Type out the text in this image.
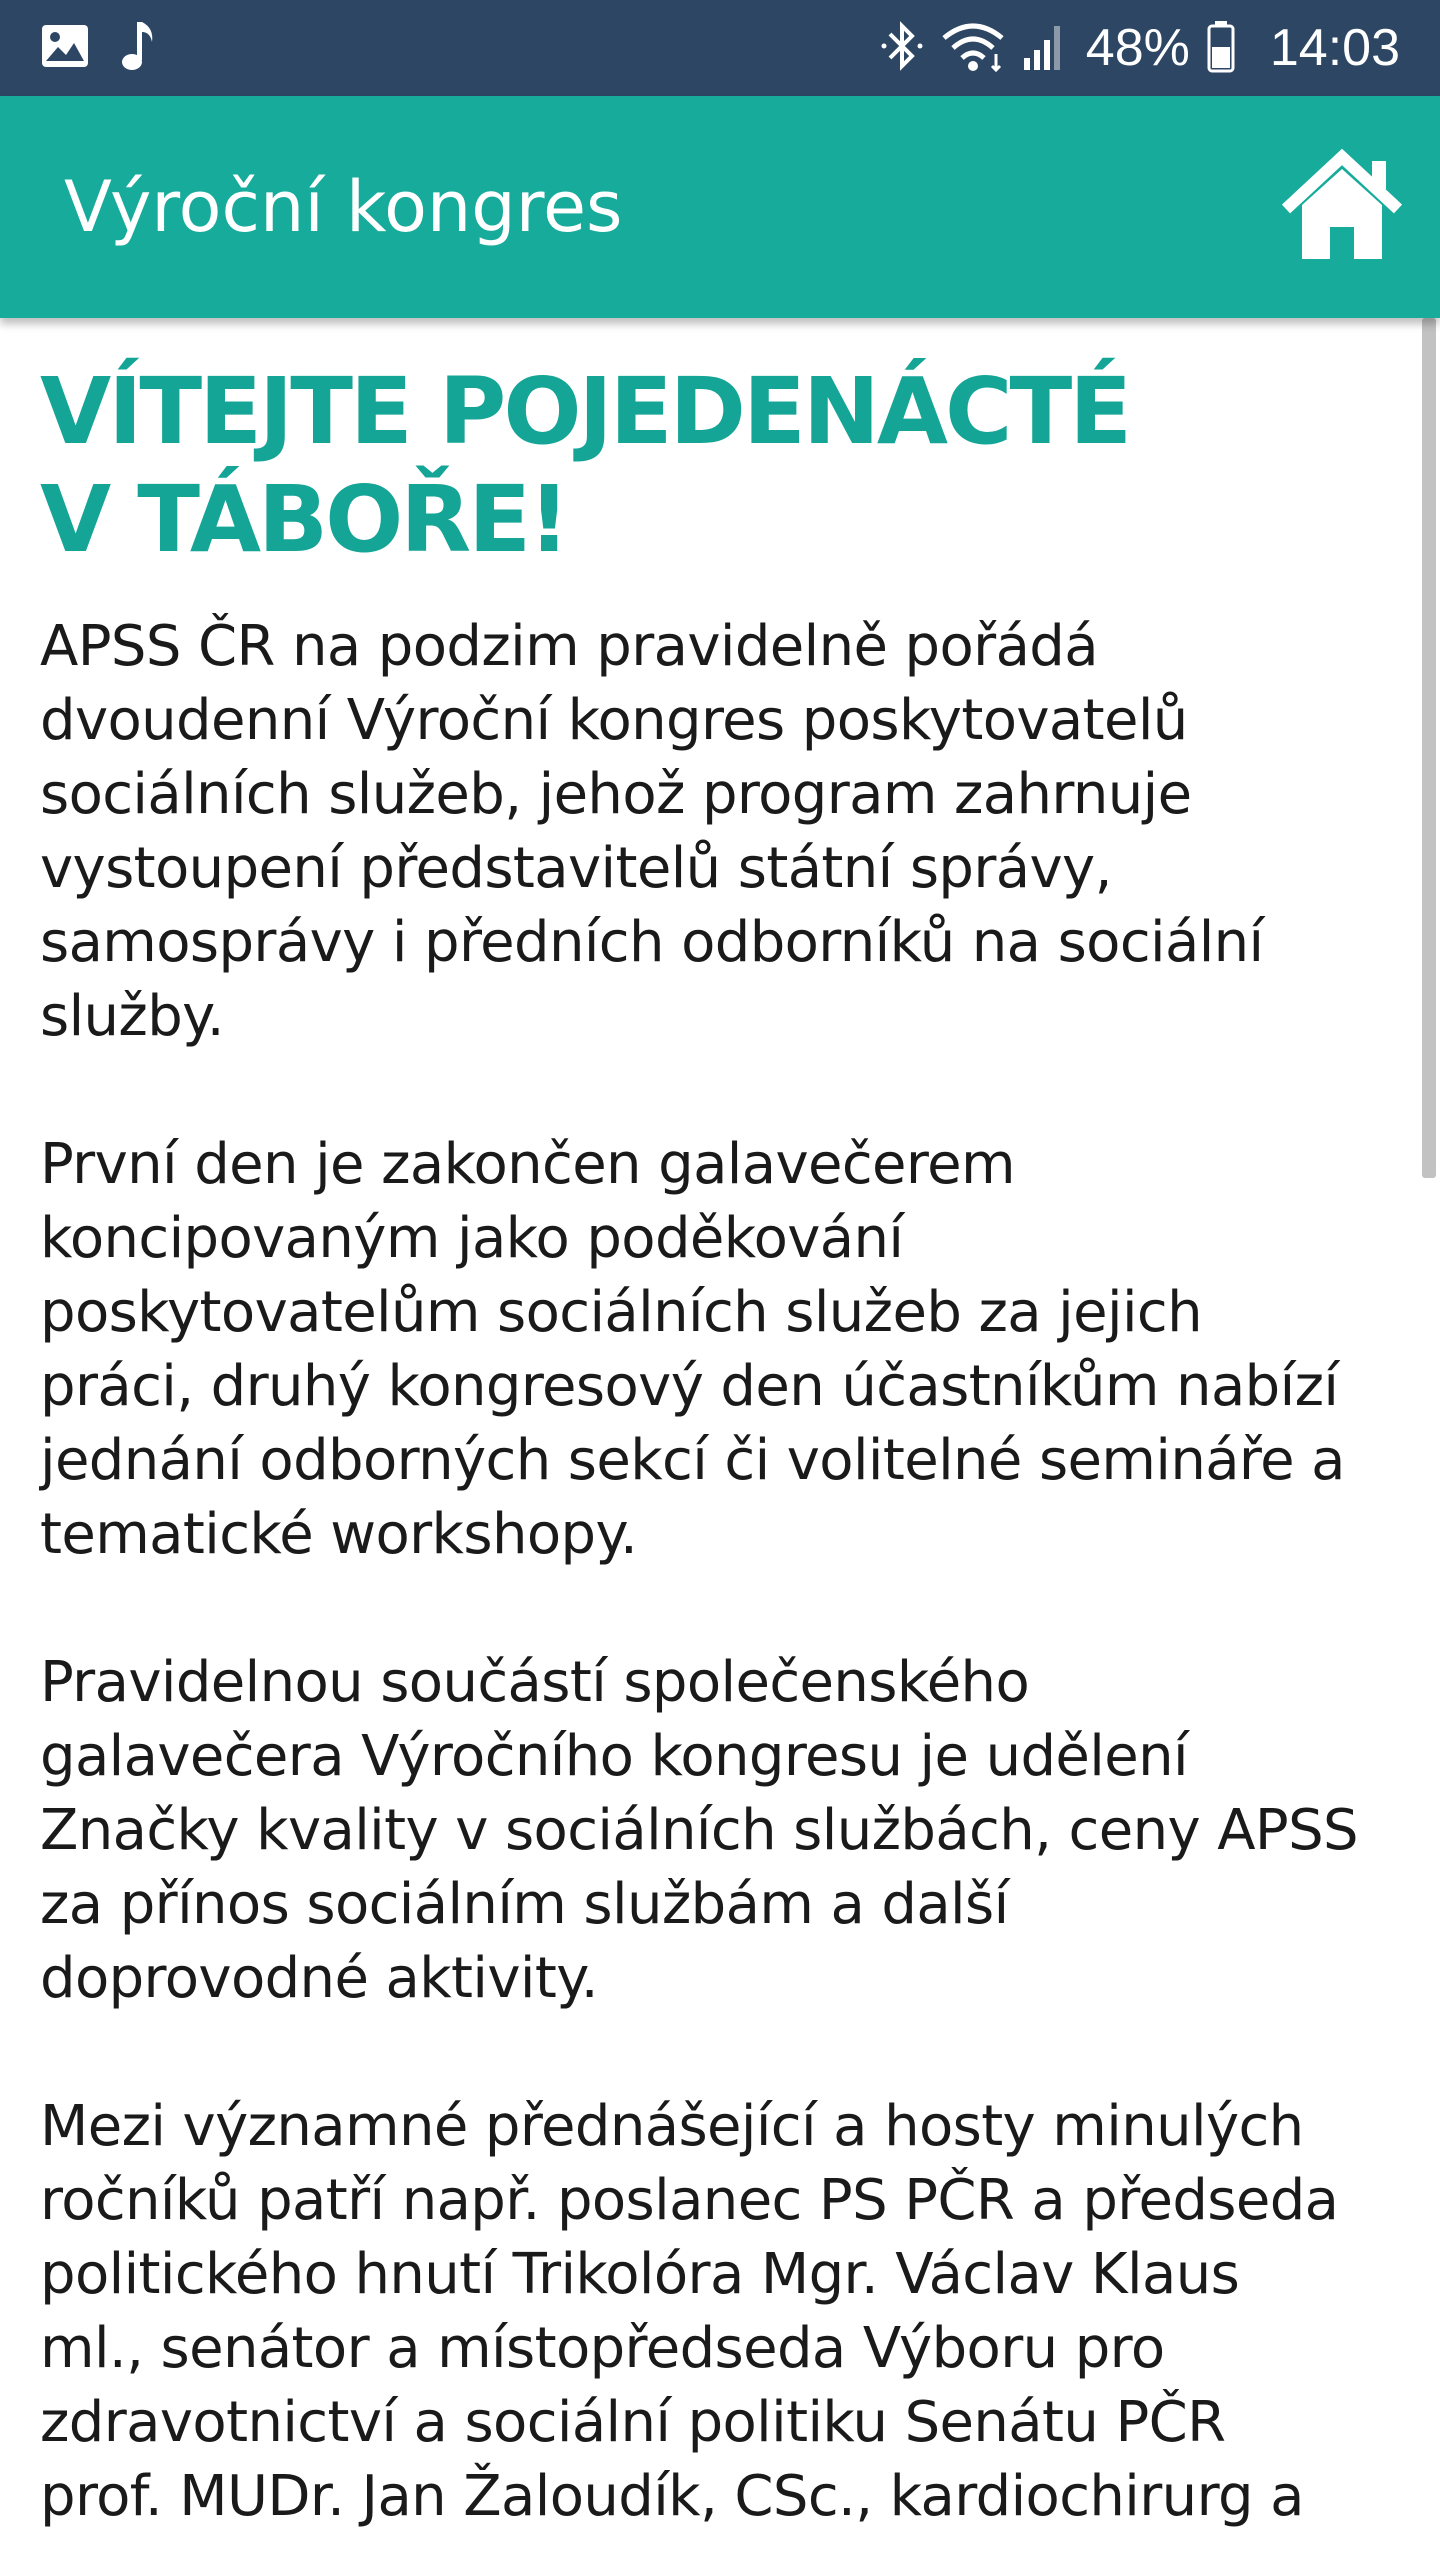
48% 14:03
Výroční kongres
VÍTEJTE POJEDENÁCTÉ
V TÁBOŘE!

APSS ČR na podzim pravidelně pořádá
dvoudenní Výroční kongres poskytovatelů
sociálních služeb, jehož program zahrnuje
vystoupení představitelů státní správy,
samosprávy i předních odborníků na sociální
služby.

První den je zakončen galavečerem
koncipovaným jako poděkování
poskytovatelům sociálních služeb za jejich
práci, druhý kongresový den účastníkům nabízí
jednání odborných sekcí či volitelné semináře a
tematické workshopy.

Pravidelnou součástí společenského
galavečera Výročního kongresu je udělení
Značky kvality v sociálních službách, ceny APSS
za přínos sociálním službám a další
doprovodné aktivity.

Mezi významné přednášející a hosty minulých
ročníků patří např. poslanec PS PČR a předseda
politického hnutí Trikolóra Mgr. Václav Klaus
ml., senátor a místopředseda Výboru pro
zdravotnictví a sociální politiku Senátu PČR
prof. MUDr. Jan Žaloudík, CSc., kardiochirurg a
